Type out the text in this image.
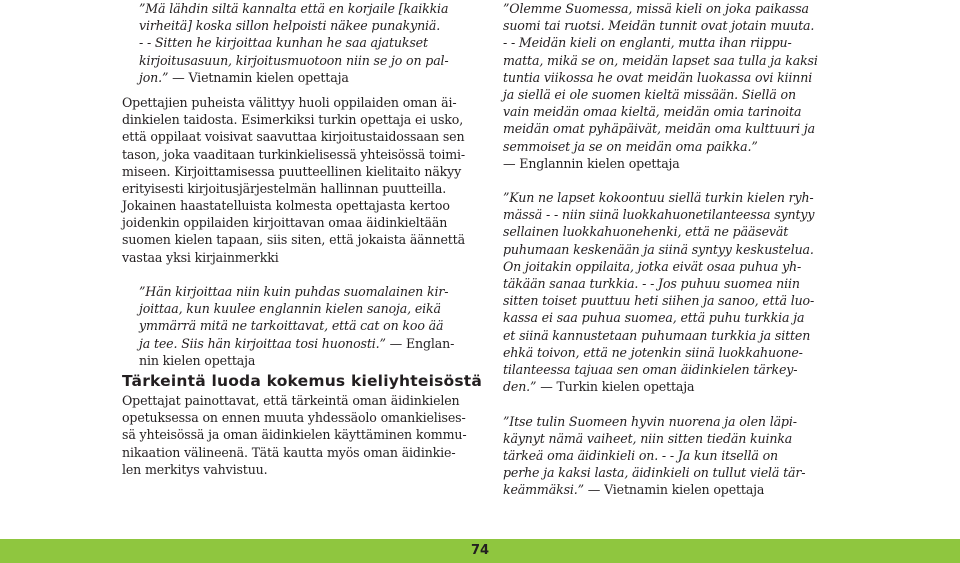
”Mä lähdin siltä kannalta että en korjaile [kaikkia
virheitä] koska sillon helpoisti näkee punakyniä.
- - Sitten he kirjoittaa kunhan he saa ajatukset
kirjoitusasuun, kirjoitusmuotoon niin se jo on pal-
jon.” — Vietnamin kielen opettaja
Opettajien puheista välittyy huoli oppilaiden oman äi-
dinkielen taidosta. Esimerkiksi turkin opettaja ei usko,
että oppilaat voisivat saavuttaa kirjoitustaidossaan sen
tason, joka vaaditaan turkinkielisessä yhteisössä toimi-
miseen. Kirjoittamisessa puutteellinen kielitaito näkyy
erityisesti kirjoitusjärjestelmän hallinnan puutteilla.
Jokainen haastatelluista kolmesta opettajasta kertoo
joidenkin oppilaiden kirjoittavan omaa äidinkieltään
suomen kielen tapaan, siis siten, että jokaista äännettä
vastaa yksi kirjainmerkki
”Hän kirjoittaa niin kuin puhdas suomalainen kir-
joittaa, kun kuulee englannin kielen sanoja, eikä
ymmärrä mitä ne tarkoittavat, että cat on koo ää
ja tee. Siis hän kirjoittaa tosi huonosti.” — Englan-
nin kielen opettaja
Tärkeintä luoda kokemus kieliyhteisöstä
Opettajat painottavat, että tärkeintä oman äidinkielen
opetuksessa on ennen muuta yhdessäolo omankielises-
sä yhteisössä ja oman äidinkielen käyttäminen kommu-
nikaation välineenä. Tätä kautta myös oman äidinkie-
len merkitys vahvistuu.
”Olemme Suomessa, missä kieli on joka paikassa
suomi tai ruotsi. Meidän tunnit ovat jotain muuta.
- - Meidän kieli on englanti, mutta ihan riippu-
matta, mikä se on, meidän lapset saa tulla ja kaksi
tuntia viikossa he ovat meidän luokassa ovi kiinni
ja siellä ei ole suomen kieltä missään. Siellä on
vain meidän omaa kieltä, meidän omia tarinoita
meidän omat pyhäpäivät, meidän oma kulttuuri ja
semmoiset ja se on meidän oma paikka.”
— Englannin kielen opettaja
”Kun ne lapset kokoontuu siellä turkin kielen ryh-
mässä - - niin siinä luokkahuonetilanteessa syntyy
sellainen luokkahuonehenki, että ne pääsevät
puhumaan keskenään ja siinä syntyy keskustelua.
On joitakin oppilaita, jotka eivät osaa puhua yh-
täkään sanaa turkkia. - - Jos puhuu suomea niin
sitten toiset puuttuu heti siihen ja sanoo, että luo-
kassa ei saa puhua suomea, että puhu turkkia ja
et siinä kannustetaan puhumaan turkkia ja sitten
ehkä toivon, että ne jotenkin siinä luokkahuone-
tilanteessa tajuaa sen oman äidinkielen tärkey-
den.” — Turkin kielen opettaja
”Itse tulin Suomeen hyvin nuorena ja olen läpi-
käynyt nämä vaiheet, niin sitten tiedän kuinka
tärkeä oma äidinkieli on. - - Ja kun itsellä on
perhe ja kaksi lasta, äidinkieli on tullut vielä tär-
keämmäksi.” — Vietnamin kielen opettaja
74
